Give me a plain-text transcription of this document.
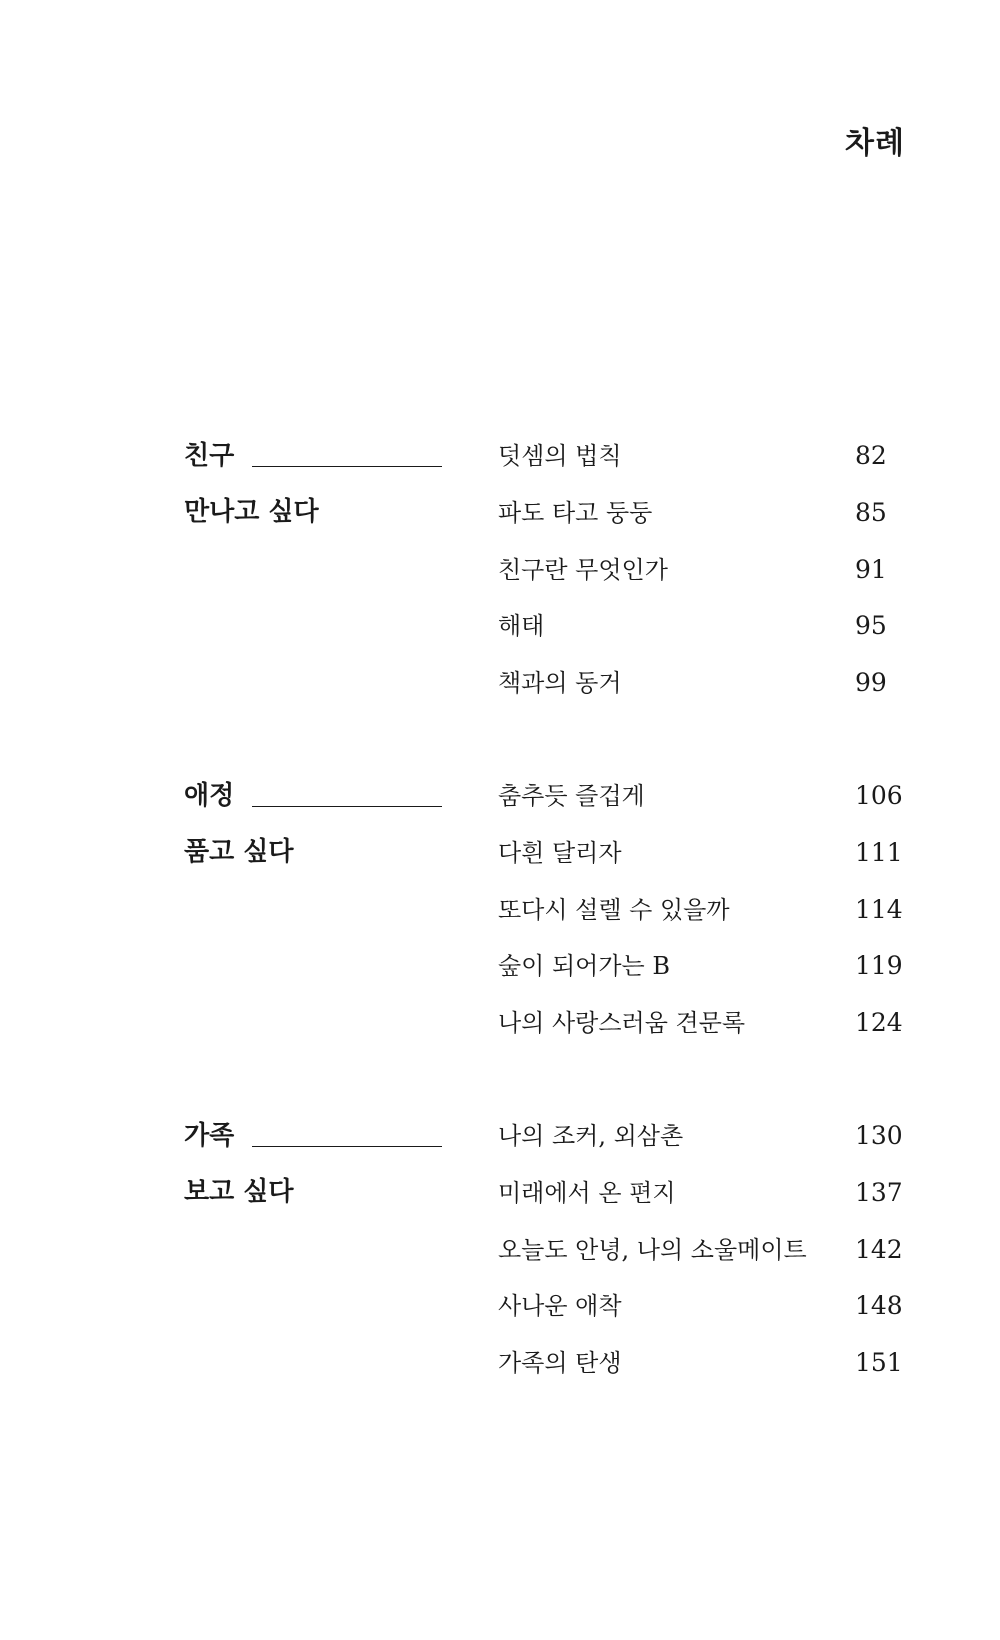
차례
친구
만나고 싶다
덧셈의 법칙	82
파도 타고 둥둥	85
친구란 무엇인가	91
해태	95
책과의 동거	99
애정
품고 싶다
춤추듯 즐겁게	106
다흰 달리자	111
또다시 설렐 수 있을까	114
숲이 되어가는 B	119
나의 사랑스러움 견문록	124
가족
보고 싶다
나의 조커, 외삼촌	130
미래에서 온 편지	137
오늘도 안녕, 나의 소울메이트 142
사나운 애착	148
가족의 탄생	151
